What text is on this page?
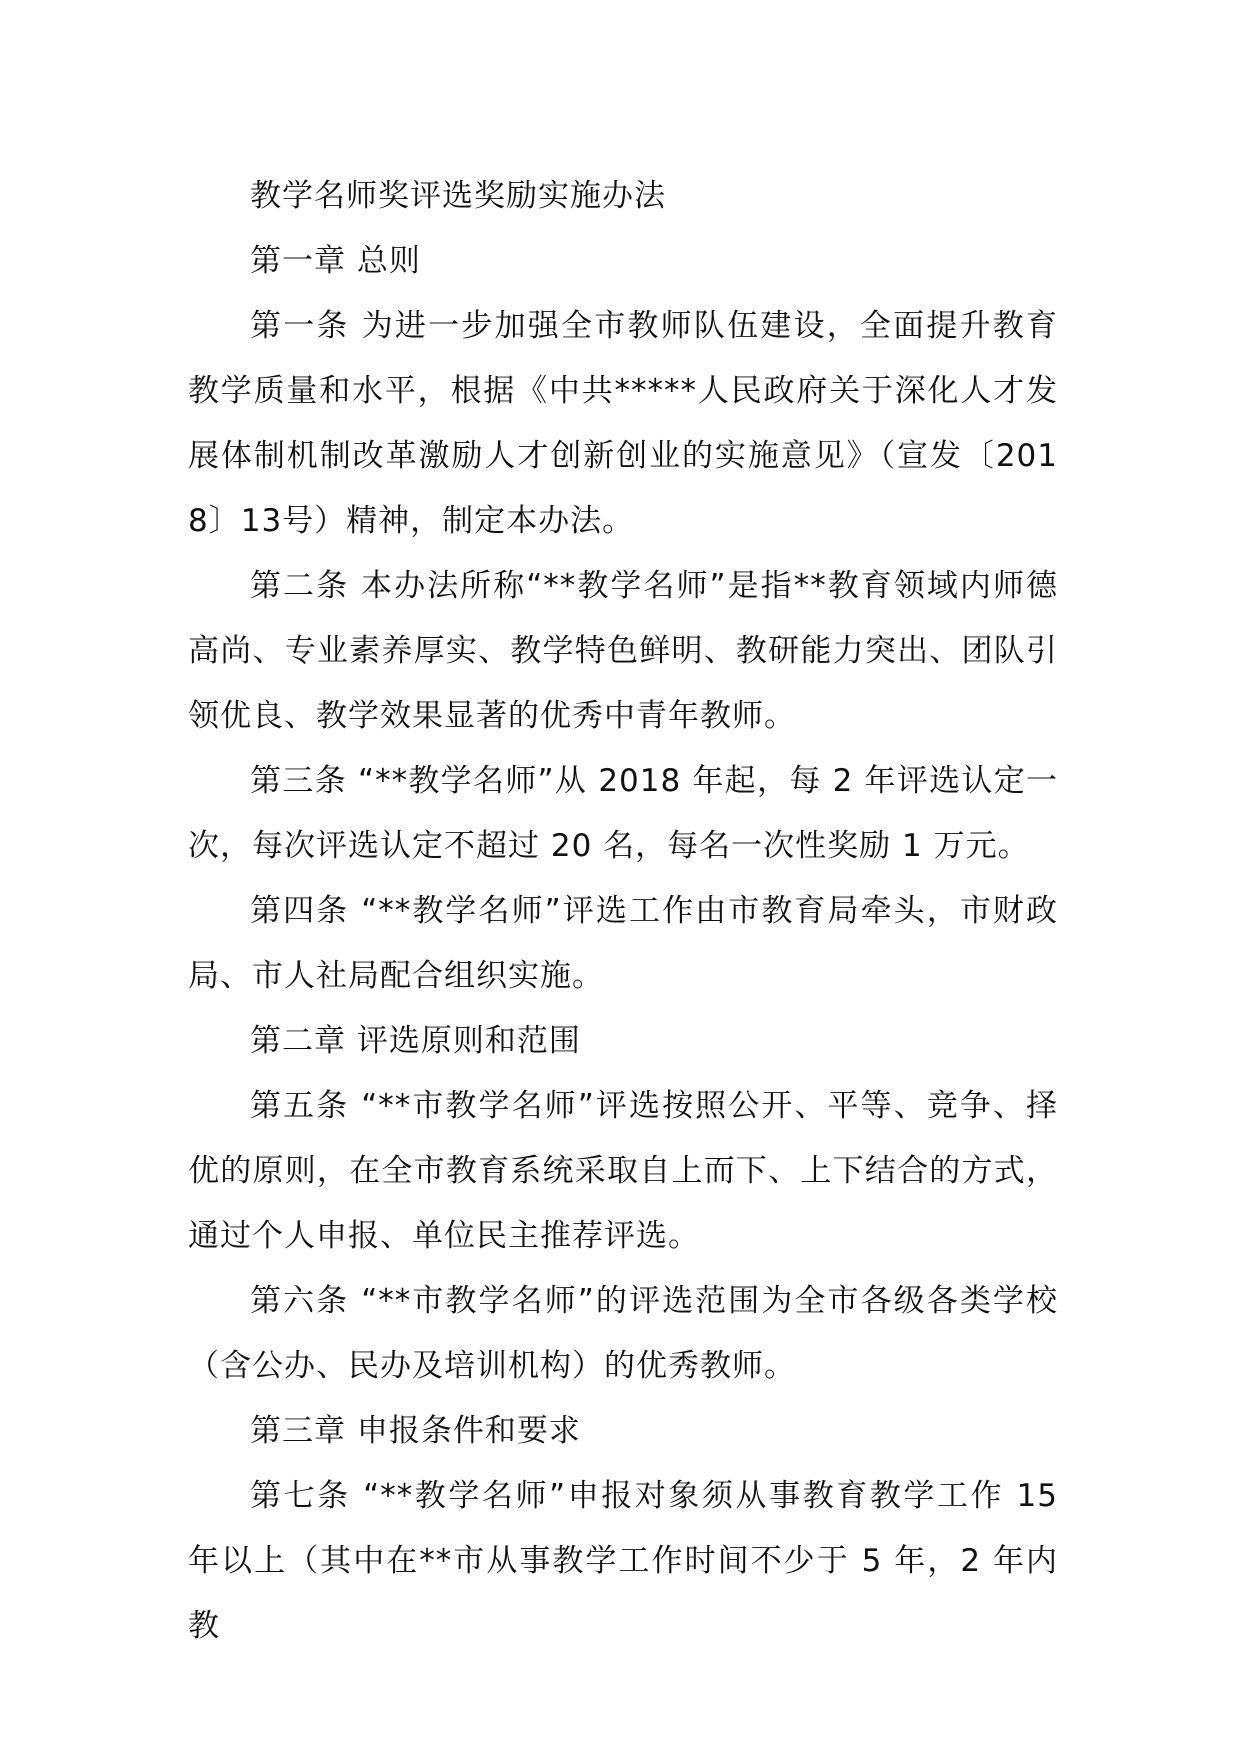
教学名师奖评选奖励实施办法

第一章 总则

第一条 为进一步加强全市教师队伍建设，全面提升教育教学质量和水平，根据《中共*****人民政府关于深化人才发展体制机制改革激励人才创新创业的实施意见》（宣发〔2018〕13号）精神，制定本办法。

第二条 本办法所称“**教学名师”是指**教育领域内师德高尚、专业素养厚实、教学特色鲜明、教研能力突出、团队引领优良、教学效果显著的优秀中青年教师。

第三条 “**教学名师”从 2018 年起，每 2 年评选认定一次，每次评选认定不超过 20 名，每名一次性奖励 1 万元。

第四条 “**教学名师”评选工作由市教育局牵头，市财政局、市人社局配合组织实施。

第二章 评选原则和范围

第五条 “**市教学名师”评选按照公开、平等、竞争、择优的原则，在全市教育系统采取自上而下、上下结合的方式，通过个人申报、单位民主推荐评选。

第六条 “**市教学名师”的评选范围为全市各级各类学校（含公办、民办及培训机构）的优秀教师。

第三章 申报条件和要求

第七条 “**教学名师”申报对象须从事教育教学工作 15 年以上（其中在**市从事教学工作时间不少于 5 年，2 年内教
